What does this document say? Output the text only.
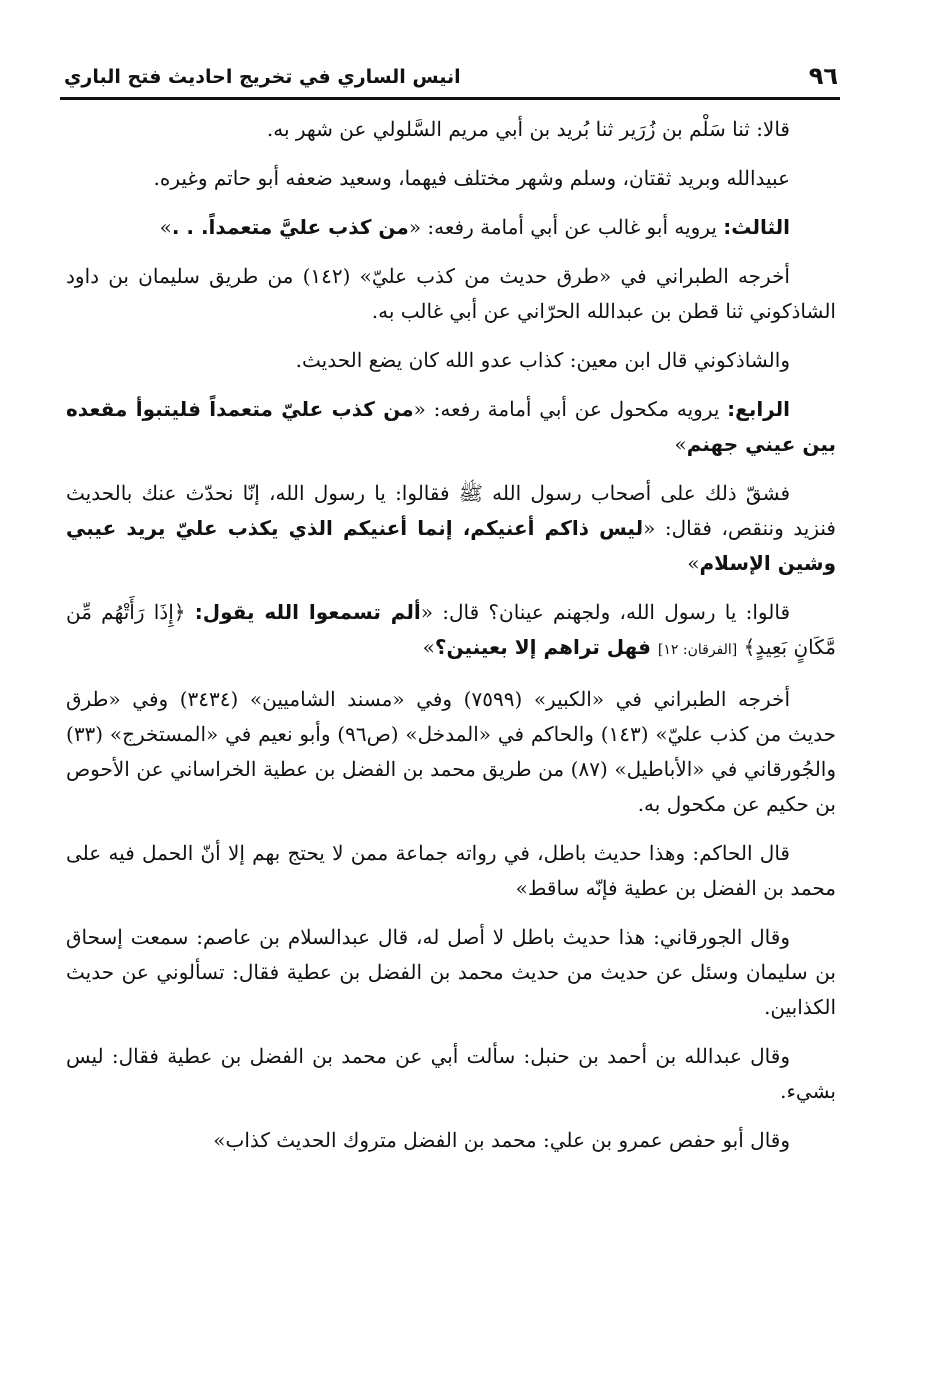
٩٦
انيس الساري في تخريج احاديث فتح الباري

قالا: ثنا سَلْم بن زُرَير ثنا بُريد بن أبي مريم السَّلولي عن شهر به.

عبيدالله وبريد ثقتان، وسلم وشهر مختلف فيهما، وسعيد ضعفه أبو حاتم وغيره.

الثالث: يرويه أبو غالب عن أبي أمامة رفعه: «من كذب عليَّ متعمداً. . .»

أخرجه الطبراني في «طرق حديث من كذب عليّ» (١٤٢) من طريق سليمان بن داود الشاذكوني ثنا قطن بن عبدالله الحرّاني عن أبي غالب به.

والشاذكوني قال ابن معين: كذاب عدو الله كان يضع الحديث.

الرابع: يرويه مكحول عن أبي أمامة رفعه: «من كذب عليّ متعمداً فليتبوأ مقعده بين عيني جهنم»

فشقّ ذلك على أصحاب رسول الله ﷺ فقالوا: يا رسول الله، إنّا نحدّث عنك بالحديث فنزيد وننقص، فقال: «ليس ذاكم أعنيكم، إنما أعنيكم الذي يكذب عليّ يريد عيبي وشين الإسلام»

قالوا: يا رسول الله، ولجهنم عينان؟ قال: «ألم تسمعوا الله يقول: ﴿إِذَا رَأَتْهُم مِّن مَّكَانٍ بَعِيدٍ﴾ [الفرقان: ١٢] فهل تراهم إلا بعينين؟»

أخرجه الطبراني في «الكبير» (٧٥٩٩) وفي «مسند الشاميين» (٣٤٣٤) وفي «طرق حديث من كذب عليّ» (١٤٣) والحاكم في «المدخل» (ص٩٦) وأبو نعيم في «المستخرج» (٣٣) والجُورقاني في «الأباطيل» (٨٧) من طريق محمد بن الفضل بن عطية الخراساني عن الأحوص بن حكيم عن مكحول به.

قال الحاكم: وهذا حديث باطل، في رواته جماعة ممن لا يحتج بهم إلا أنّ الحمل فيه على محمد بن الفضل بن عطية فإنّه ساقط»

وقال الجورقاني: هذا حديث باطل لا أصل له، قال عبدالسلام بن عاصم: سمعت إسحاق بن سليمان وسئل عن حديث من حديث محمد بن الفضل بن عطية فقال: تسألوني عن حديث الكذابين.

وقال عبدالله بن أحمد بن حنبل: سألت أبي عن محمد بن الفضل بن عطية فقال: ليس بشيء.

وقال أبو حفص عمرو بن علي: محمد بن الفضل متروك الحديث كذاب»
